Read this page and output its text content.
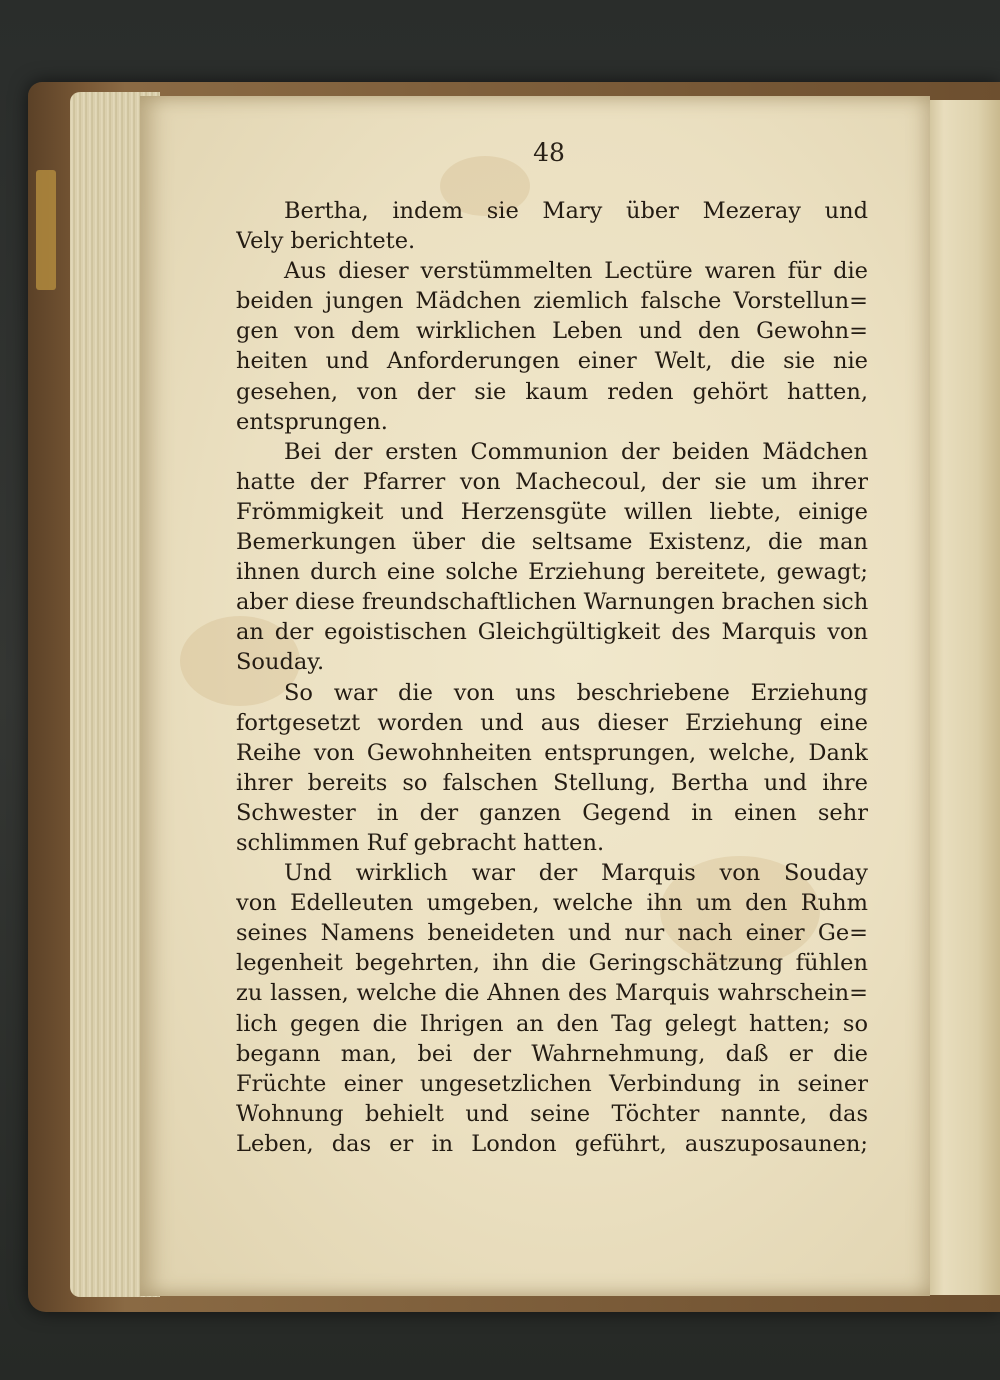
48
Bertha, indem sie Mary über Mezeray und
Vely berichtete.
Aus dieser verstümmelten Lectüre waren für die
beiden jungen Mädchen ziemlich falsche Vorstellun=
gen von dem wirklichen Leben und den Gewohn=
heiten und Anforderungen einer Welt, die sie nie
gesehen, von der sie kaum reden gehört hatten,
entsprungen.
Bei der ersten Communion der beiden Mädchen
hatte der Pfarrer von Machecoul, der sie um ihrer
Frömmigkeit und Herzensgüte willen liebte, einige
Bemerkungen über die seltsame Existenz, die man
ihnen durch eine solche Erziehung bereitete, gewagt;
aber diese freundschaftlichen Warnungen brachen sich
an der egoistischen Gleichgültigkeit des Marquis von
Souday.
So war die von uns beschriebene Erziehung
fortgesetzt worden und aus dieser Erziehung eine
Reihe von Gewohnheiten entsprungen, welche, Dank
ihrer bereits so falschen Stellung, Bertha und ihre
Schwester in der ganzen Gegend in einen sehr
schlimmen Ruf gebracht hatten.
Und wirklich war der Marquis von Souday
von Edelleuten umgeben, welche ihn um den Ruhm
seines Namens beneideten und nur nach einer Ge=
legenheit begehrten, ihn die Geringschätzung fühlen
zu lassen, welche die Ahnen des Marquis wahrschein=
lich gegen die Ihrigen an den Tag gelegt hatten; so
begann man, bei der Wahrnehmung, daß er die
Früchte einer ungesetzlichen Verbindung in seiner
Wohnung behielt und seine Töchter nannte, das
Leben, das er in London geführt, auszuposaunen;
